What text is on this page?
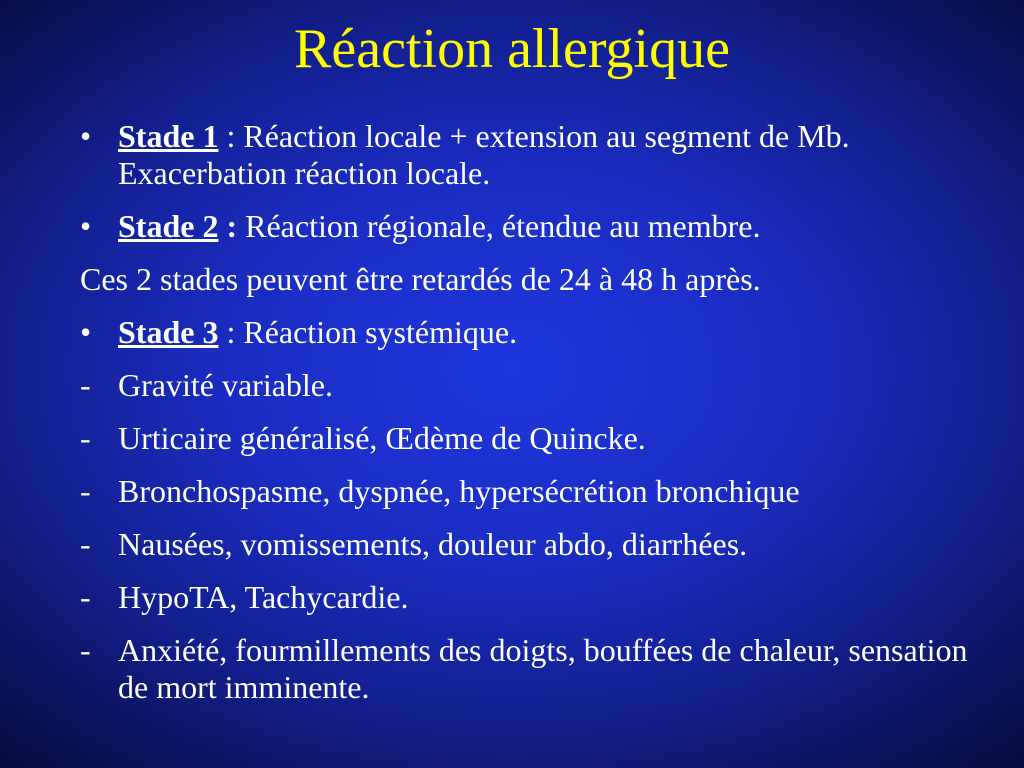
Réaction allergique

• Stade 1 : Réaction locale + extension au segment de Mb. Exacerbation réaction locale.

• Stade 2 : Réaction régionale, étendue au membre.

Ces 2 stades peuvent être retardés de 24 à 48 h après.

• Stade 3 : Réaction systémique.

- Gravité variable.

- Urticaire généralisé, Œdème de Quincke.

- Bronchospasme, dyspnée, hypersécrétion bronchique

- Nausées, vomissements, douleur abdo, diarrhées.

- HypoTA, Tachycardie.

- Anxiété, fourmillements des doigts, bouffées de chaleur, sensation de mort imminente.
